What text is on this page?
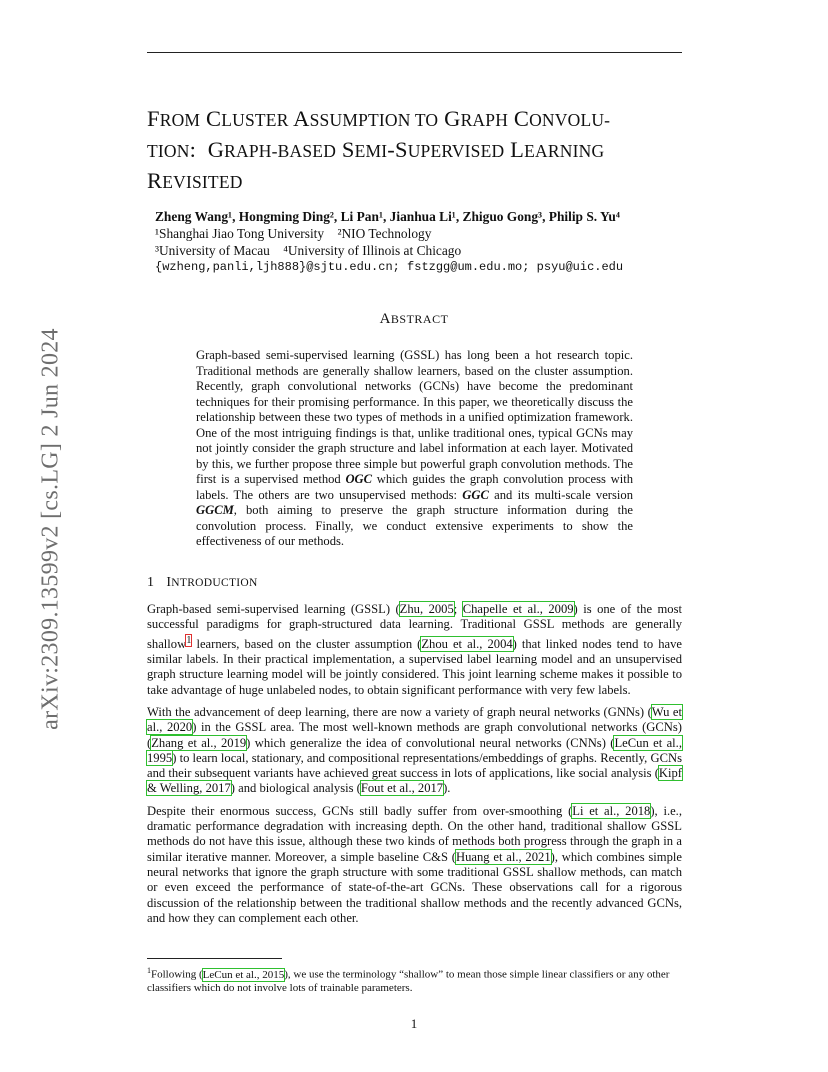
arXiv:2309.13599v2 [cs.LG] 2 Jun 2024
FROM CLUSTER ASSUMPTION TO GRAPH CONVOLU-
TION:  GRAPH-BASED SEMI-SUPERVISED LEARNING
REVISITED
Zheng Wang¹, Hongming Ding², Li Pan¹, Jianhua Li¹, Zhiguo Gong³, Philip S. Yu⁴
¹Shanghai Jiao Tong University    ²NIO Technology
³University of Macau    ⁴University of Illinois at Chicago
{wzheng,panli,ljh888}@sjtu.edu.cn; fstzgg@um.edu.mo; psyu@uic.edu
ABSTRACT
Graph-based semi-supervised learning (GSSL) has long been a hot research topic. Traditional methods are generally shallow learners, based on the cluster assumption. Recently, graph convolutional networks (GCNs) have become the predominant techniques for their promising performance. In this paper, we theoretically discuss the relationship between these two types of methods in a unified optimization framework. One of the most intriguing findings is that, unlike traditional ones, typical GCNs may not jointly consider the graph structure and label information at each layer. Motivated by this, we further propose three simple but powerful graph convolution methods. The first is a supervised method OGC which guides the graph convolution process with labels. The others are two unsupervised methods: GGC and its multi-scale version GGCM, both aiming to preserve the graph structure information during the convolution process. Finally, we conduct extensive experiments to show the effectiveness of our methods.
1 INTRODUCTION

Graph-based semi-supervised learning (GSSL) (Zhu, 2005; Chapelle et al., 2009) is one of the most successful paradigms for graph-structured data learning. Traditional GSSL methods are generally shallow$^1$ learners, based on the cluster assumption (Zhou et al., 2004) that linked nodes tend to have similar labels. In their practical implementation, a supervised label learning model and an unsupervised graph structure learning model will be jointly considered. This joint learning scheme makes it possible to take advantage of huge unlabeled nodes, to obtain significant performance with very few labels.

With the advancement of deep learning, there are now a variety of graph neural networks (GNNs) (Wu et al., 2020) in the GSSL area. The most well-known methods are graph convolutional networks (GCNs) (Zhang et al., 2019) which generalize the idea of convolutional neural networks (CNNs) (LeCun et al., 1995) to learn local, stationary, and compositional representations/embeddings of graphs. Recently, GCNs and their subsequent variants have achieved great success in lots of applications, like social analysis (Kipf & Welling, 2017) and biological analysis (Fout et al., 2017).

Despite their enormous success, GCNs still badly suffer from over-smoothing (Li et al., 2018), i.e., dramatic performance degradation with increasing depth. On the other hand, traditional shallow GSSL methods do not have this issue, although these two kinds of methods both progress through the graph in a similar iterative manner. Moreover, a simple baseline C&S (Huang et al., 2021), which combines simple neural networks that ignore the graph structure with some traditional GSSL shallow methods, can match or even exceed the performance of state-of-the-art GCNs. These observations call for a rigorous discussion of the relationship between the traditional shallow methods and the recently advanced GCNs, and how they can complement each other.

$^1$Following (LeCun et al., 2015), we use the terminology “shallow” to mean those simple linear classifiers or any other classifiers which do not involve lots of trainable parameters.
1
